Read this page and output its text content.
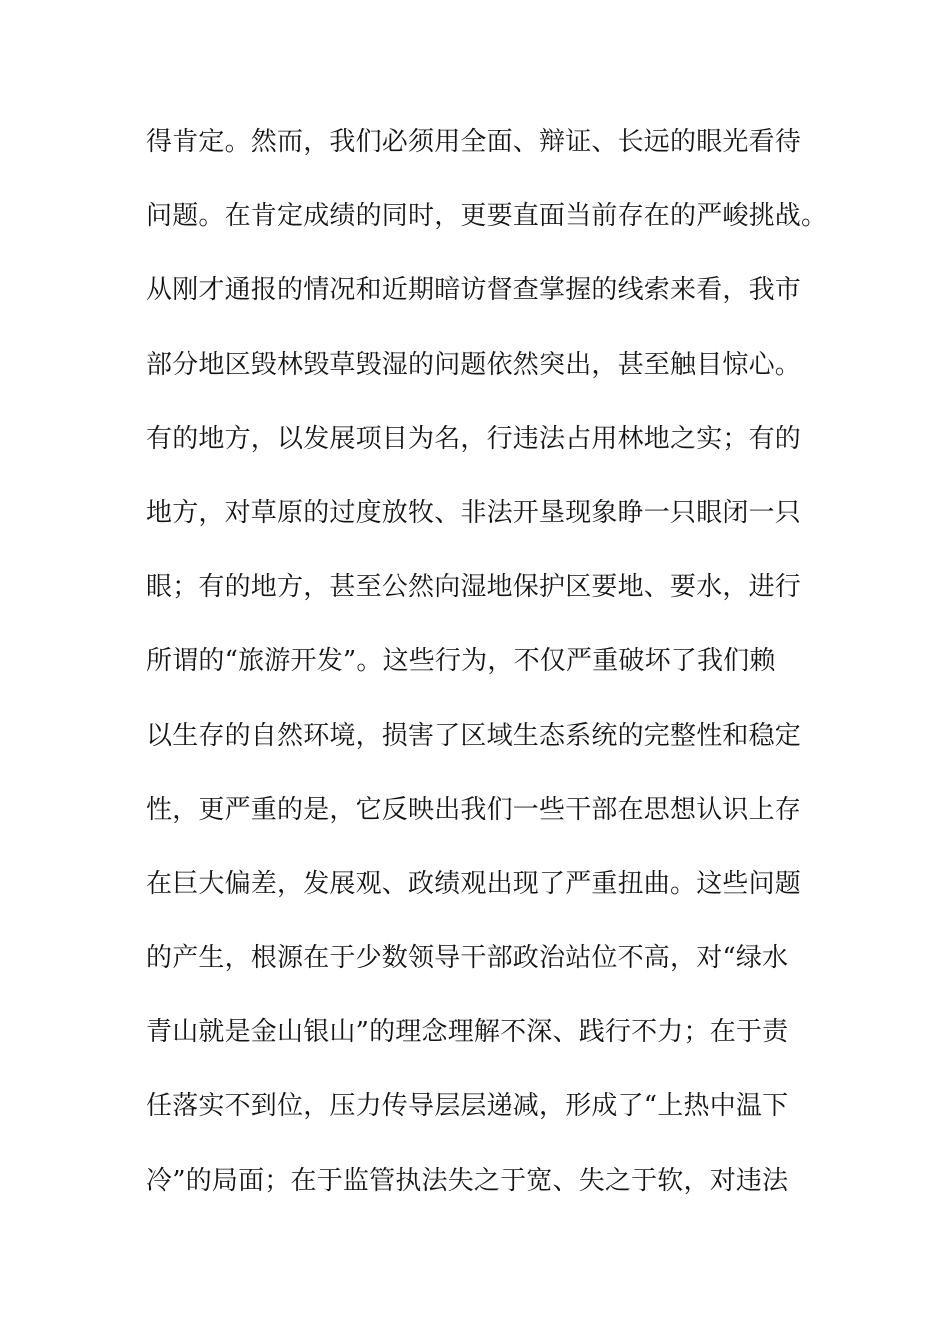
得肯定。然而，我们必须用全面、辩证、长远的眼光看待
问题。在肯定成绩的同时，更要直面当前存在的严峻挑战。
从刚才通报的情况和近期暗访督查掌握的线索来看，我市
部分地区毁林毁草毁湿的问题依然突出，甚至触目惊心。
有的地方，以发展项目为名，行违法占用林地之实；有的
地方，对草原的过度放牧、非法开垦现象睁一只眼闭一只
眼；有的地方，甚至公然向湿地保护区要地、要水，进行
所谓的“旅游开发”。这些行为，不仅严重破坏了我们赖
以生存的自然环境，损害了区域生态系统的完整性和稳定
性，更严重的是，它反映出我们一些干部在思想认识上存
在巨大偏差，发展观、政绩观出现了严重扭曲。这些问题
的产生，根源在于少数领导干部政治站位不高，对“绿水
青山就是金山银山”的理念理解不深、践行不力；在于责
任落实不到位，压力传导层层递减，形成了“上热中温下
冷”的局面；在于监管执法失之于宽、失之于软，对违法
